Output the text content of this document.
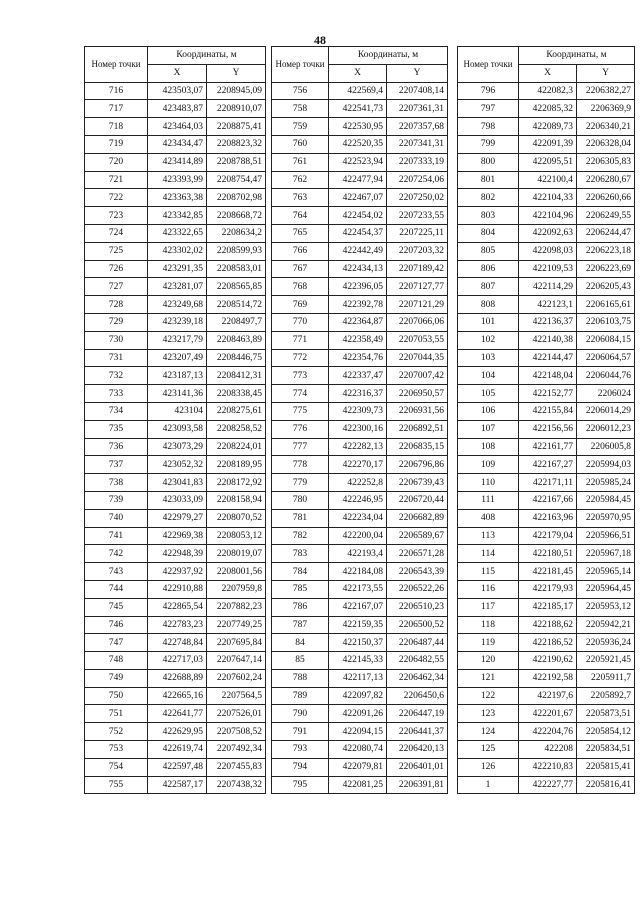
48
Номер точки	Координаты, м	
	X	Y
716	423503,07	2208945,09
717	423483,87	2208910,07
718	423464,03	2208875,41
719	423434,47	2208823,32
720	423414,89	2208788,51
721	423393,99	2208754,47
722	423363,38	2208702,98
723	423342,85	2208668,72
724	423322,65	2208634,2
725	423302,02	2208599,93
726	423291,35	2208583,01
727	423281,07	2208565,85
728	423249,68	2208514,72
729	423239,18	2208497,7
730	423217,79	2208463,89
731	423207,49	2208446,75
732	423187,13	2208412,31
733	423141,36	2208338,45
734	423104	2208275,61
735	423093,58	2208258,52
736	423073,29	2208224,01
737	423052,32	2208189,95
738	423041,83	2208172,92
739	423033,09	2208158,94
740	422979,27	2208070,52
741	422969,38	2208053,12
742	422948,39	2208019,07
743	422937,92	2208001,56
744	422910,88	2207959,8
745	422865,54	2207882,23
746	422783,23	2207749,25
747	422748,84	2207695,84
748	422717,03	2207647,14
749	422688,89	2207602,24
750	422665,16	2207564,5
751	422641,77	2207526,01
752	422629,95	2207508,52
753	422619,74	2207492,34
754	422597,48	2207455,83
755	422587,17	2207438,32
Номер точки	Координаты, м	
	X	Y
756	422569,4	2207408,14
758	422541,73	2207361,31
759	422530,95	2207357,68
760	422520,35	2207341,31
761	422523,94	2207333,19
762	422477,94	2207254,06
763	422467,07	2207250,02
764	422454,02	2207233,55
765	422454,37	2207225,11
766	422442,49	2207203,32
767	422434,13	2207189,42
768	422396,05	2207127,77
769	422392,78	2207121,29
770	422364,87	2207066,06
771	422358,49	2207053,55
772	422354,76	2207044,35
773	422337,47	2207007,42
774	422316,37	2206950,57
775	422309,73	2206931,56
776	422300,16	2206892,51
777	422282,13	2206835,15
778	422270,17	2206796,86
779	422252,8	2206739,43
780	422246,95	2206720,44
781	422234,04	2206682,89
782	422200,04	2206589,67
783	422193,4	2206571,28
784	422184,08	2206543,39
785	422173,55	2206522,26
786	422167,07	2206510,23
787	422159,35	2206500,52
84	422150,37	2206487,44
85	422145,33	2206482,55
788	422117,13	2206462,34
789	422097,82	2206450,6
790	422091,26	2206447,19
791	422094,15	2206441,37
793	422080,74	2206420,13
794	422079,81	2206401,01
795	422081,25	2206391,81
Номер точки	Координаты, м	
	X	Y
796	422082,3	2206382,27
797	422085,32	2206369,9
798	422089,73	2206340,21
799	422091,39	2206328,04
800	422095,51	2206305,83
801	422100,4	2206280,67
802	422104,33	2206260,66
803	422104,96	2206249,55
804	422092,63	2206244,47
805	422098,03	2206223,18
806	422109,53	2206223,69
807	422114,29	2206205,43
808	422123,1	2206165,61
101	422136,37	2206103,75
102	422140,38	2206084,15
103	422144,47	2206064,57
104	422148,04	2206044,76
105	422152,77	2206024
106	422155,84	2206014,29
107	422156,56	2206012,23
108	422161,77	2206005,8
109	422167,27	2205994,03
110	422171,11	2205985,24
111	422167,66	2205984,45
408	422163,96	2205970,95
113	422179,04	2205966,51
114	422180,51	2205967,18
115	422181,45	2205965,14
116	422179,93	2205964,45
117	422185,17	2205953,12
118	422188,62	2205942,21
119	422186,52	2205936,24
120	422190,62	2205921,45
121	422192,58	2205911,7
122	422197,6	2205892,7
123	422201,67	2205873,51
124	422204,76	2205854,12
125	422208	2205834,51
126	422210,83	2205815,41
1	422227,77	2205816,41
